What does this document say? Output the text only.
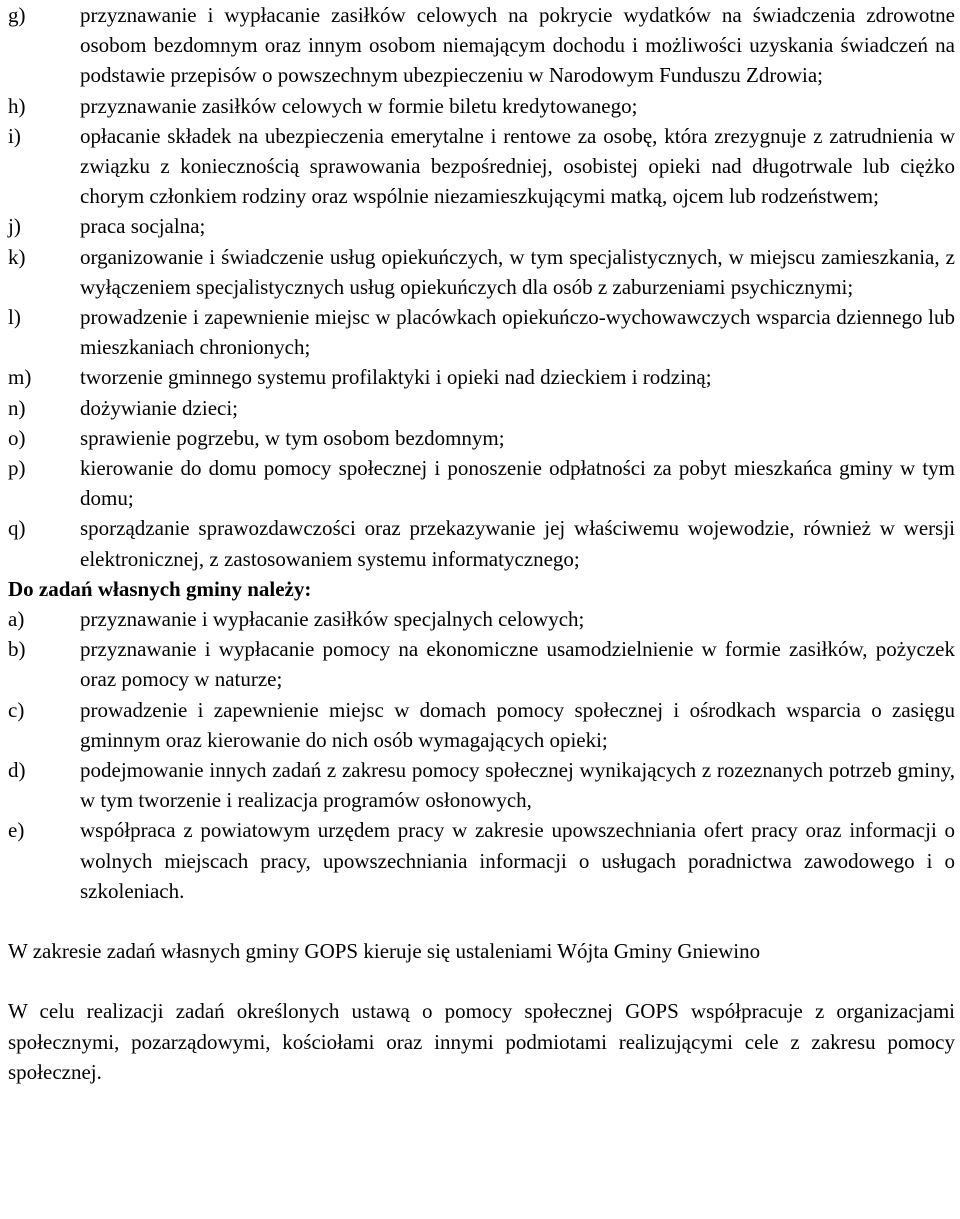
g)	przyznawanie i wypłacanie zasiłków celowych na pokrycie wydatków na świadczenia zdrowotne osobom bezdomnym oraz innym osobom niemającym dochodu i możliwości uzyskania świadczeń na podstawie przepisów o powszechnym ubezpieczeniu w Narodowym Funduszu Zdrowia;
h)	przyznawanie zasiłków celowych w formie biletu kredytowanego;
i)	opłacanie składek na ubezpieczenia emerytalne i rentowe za osobę, która zrezygnuje z zatrudnienia w związku z koniecznością sprawowania bezpośredniej, osobistej opieki nad długotrwale lub ciężko chorym członkiem rodziny oraz wspólnie niezamieszkującymi matką, ojcem lub rodzeństwem;
j)	praca socjalna;
k)	organizowanie i świadczenie usług opiekuńczych, w tym specjalistycznych, w miejscu zamieszkania, z wyłączeniem specjalistycznych usług opiekuńczych dla osób z zaburzeniami psychicznymi;
l)	prowadzenie i zapewnienie miejsc w placówkach opiekuńczo-wychowawczych wsparcia dziennego lub mieszkaniach chronionych;
m)	tworzenie gminnego systemu profilaktyki i opieki nad dzieckiem i rodziną;
n)	dożywianie dzieci;
o)	sprawienie pogrzebu, w tym osobom bezdomnym;
p)	kierowanie do domu pomocy społecznej i ponoszenie odpłatności za pobyt mieszkańca gminy w tym domu;
q)	sporządzanie sprawozdawczości oraz przekazywanie jej właściwemu wojewodzie, również w wersji elektronicznej, z zastosowaniem systemu informatycznego;

Do zadań własnych gminy należy:

a)	przyznawanie i wypłacanie zasiłków specjalnych celowych;
b)	przyznawanie i wypłacanie pomocy na ekonomiczne usamodzielnienie w formie zasiłków, pożyczek oraz pomocy w naturze;
c)	prowadzenie i zapewnienie miejsc w domach pomocy społecznej i ośrodkach wsparcia o zasięgu gminnym oraz kierowanie do nich osób wymagających opieki;
d)	podejmowanie innych zadań z zakresu pomocy społecznej wynikających z rozeznanych potrzeb gminy, w tym tworzenie i realizacja programów osłonowych,
e)	współpraca z powiatowym urzędem pracy w zakresie upowszechniania ofert pracy oraz informacji o wolnych miejscach pracy, upowszechniania informacji o usługach poradnictwa zawodowego i o szkoleniach.

W zakresie zadań własnych gminy GOPS kieruje się ustaleniami Wójta Gminy Gniewino

W celu realizacji zadań określonych ustawą o pomocy społecznej GOPS współpracuje z organizacjami społecznymi, pozarządowymi, kościołami oraz innymi podmiotami realizującymi cele z zakresu pomocy społecznej.
